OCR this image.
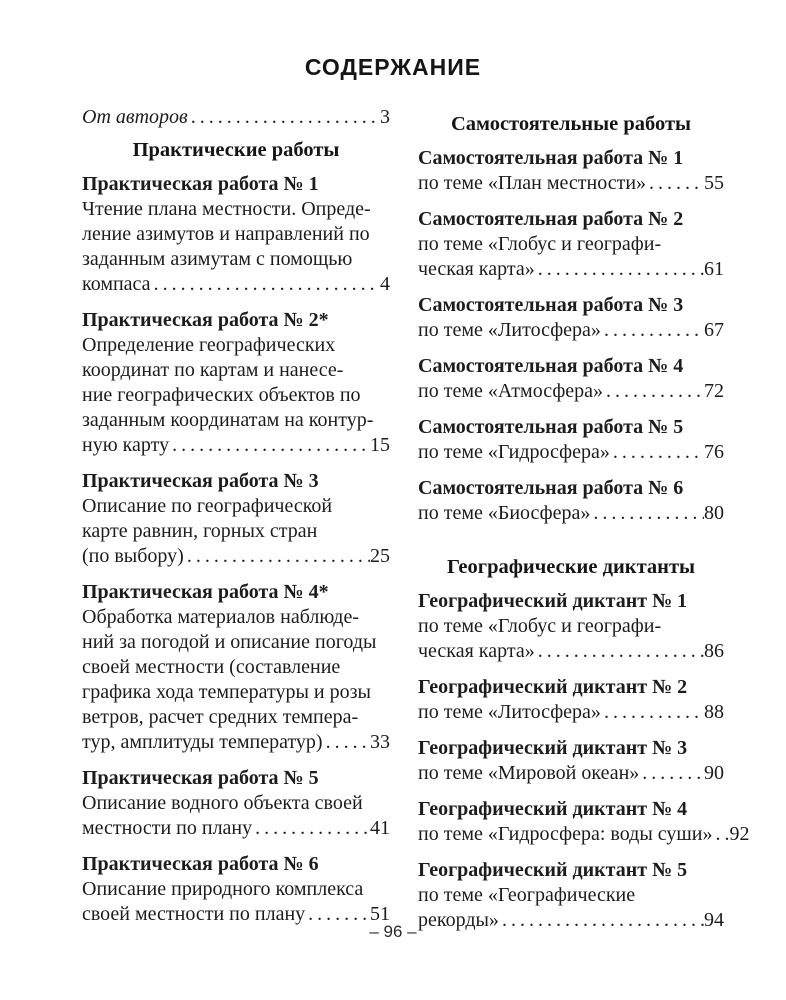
СОДЕРЖАНИЕ
От авторов .....	3
Практические работы
Практическая работа № 1
Чтение плана местности. Опреде-
ление азимутов и направлений по
заданным азимутам с помощью
компаса .....	4
Практическая работа № 2*
Определение географических
координат по картам и нанесе-
ние географических объектов по
заданным координатам на контур-
ную карту .....	15
Практическая работа № 3
Описание по географической
карте равнин, горных стран
(по выбору) .....	25
Практическая работа № 4*
Обработка материалов наблюде-
ний за погодой и описание погоды
своей местности (составление
графика хода температуры и розы
ветров, расчет средних темпера-
тур, амплитуды температур) ..... 33
Практическая работа № 5
Описание водного объекта своей
местности по плану .....	41
Практическая работа № 6
Описание природного комплекса
своей местности по плану .....	51
Самостоятельные работы
Самостоятельная работа № 1
по теме «План местности» .....	55
Самостоятельная работа № 2
по теме «Глобус и географи-
ческая карта» .....	61
Самостоятельная работа № 3
по теме «Литосфера» .....	67
Самостоятельная работа № 4
по теме «Атмосфера» .....	72
Самостоятельная работа № 5
по теме «Гидросфера» .....	76
Самостоятельная работа № 6
по теме «Биосфера» .....	80
Географические диктанты
Географический диктант № 1
по теме «Глобус и географи-
ческая карта» .....	86
Географический диктант № 2
по теме «Литосфера» .....	88
Географический диктант № 3
по теме «Мировой океан» .....	90
Географический диктант № 4
по теме «Гидросфера: воды суши» ..... 92
Географический диктант № 5
по теме «Географические
рекорды» .....	94
– 96 –
